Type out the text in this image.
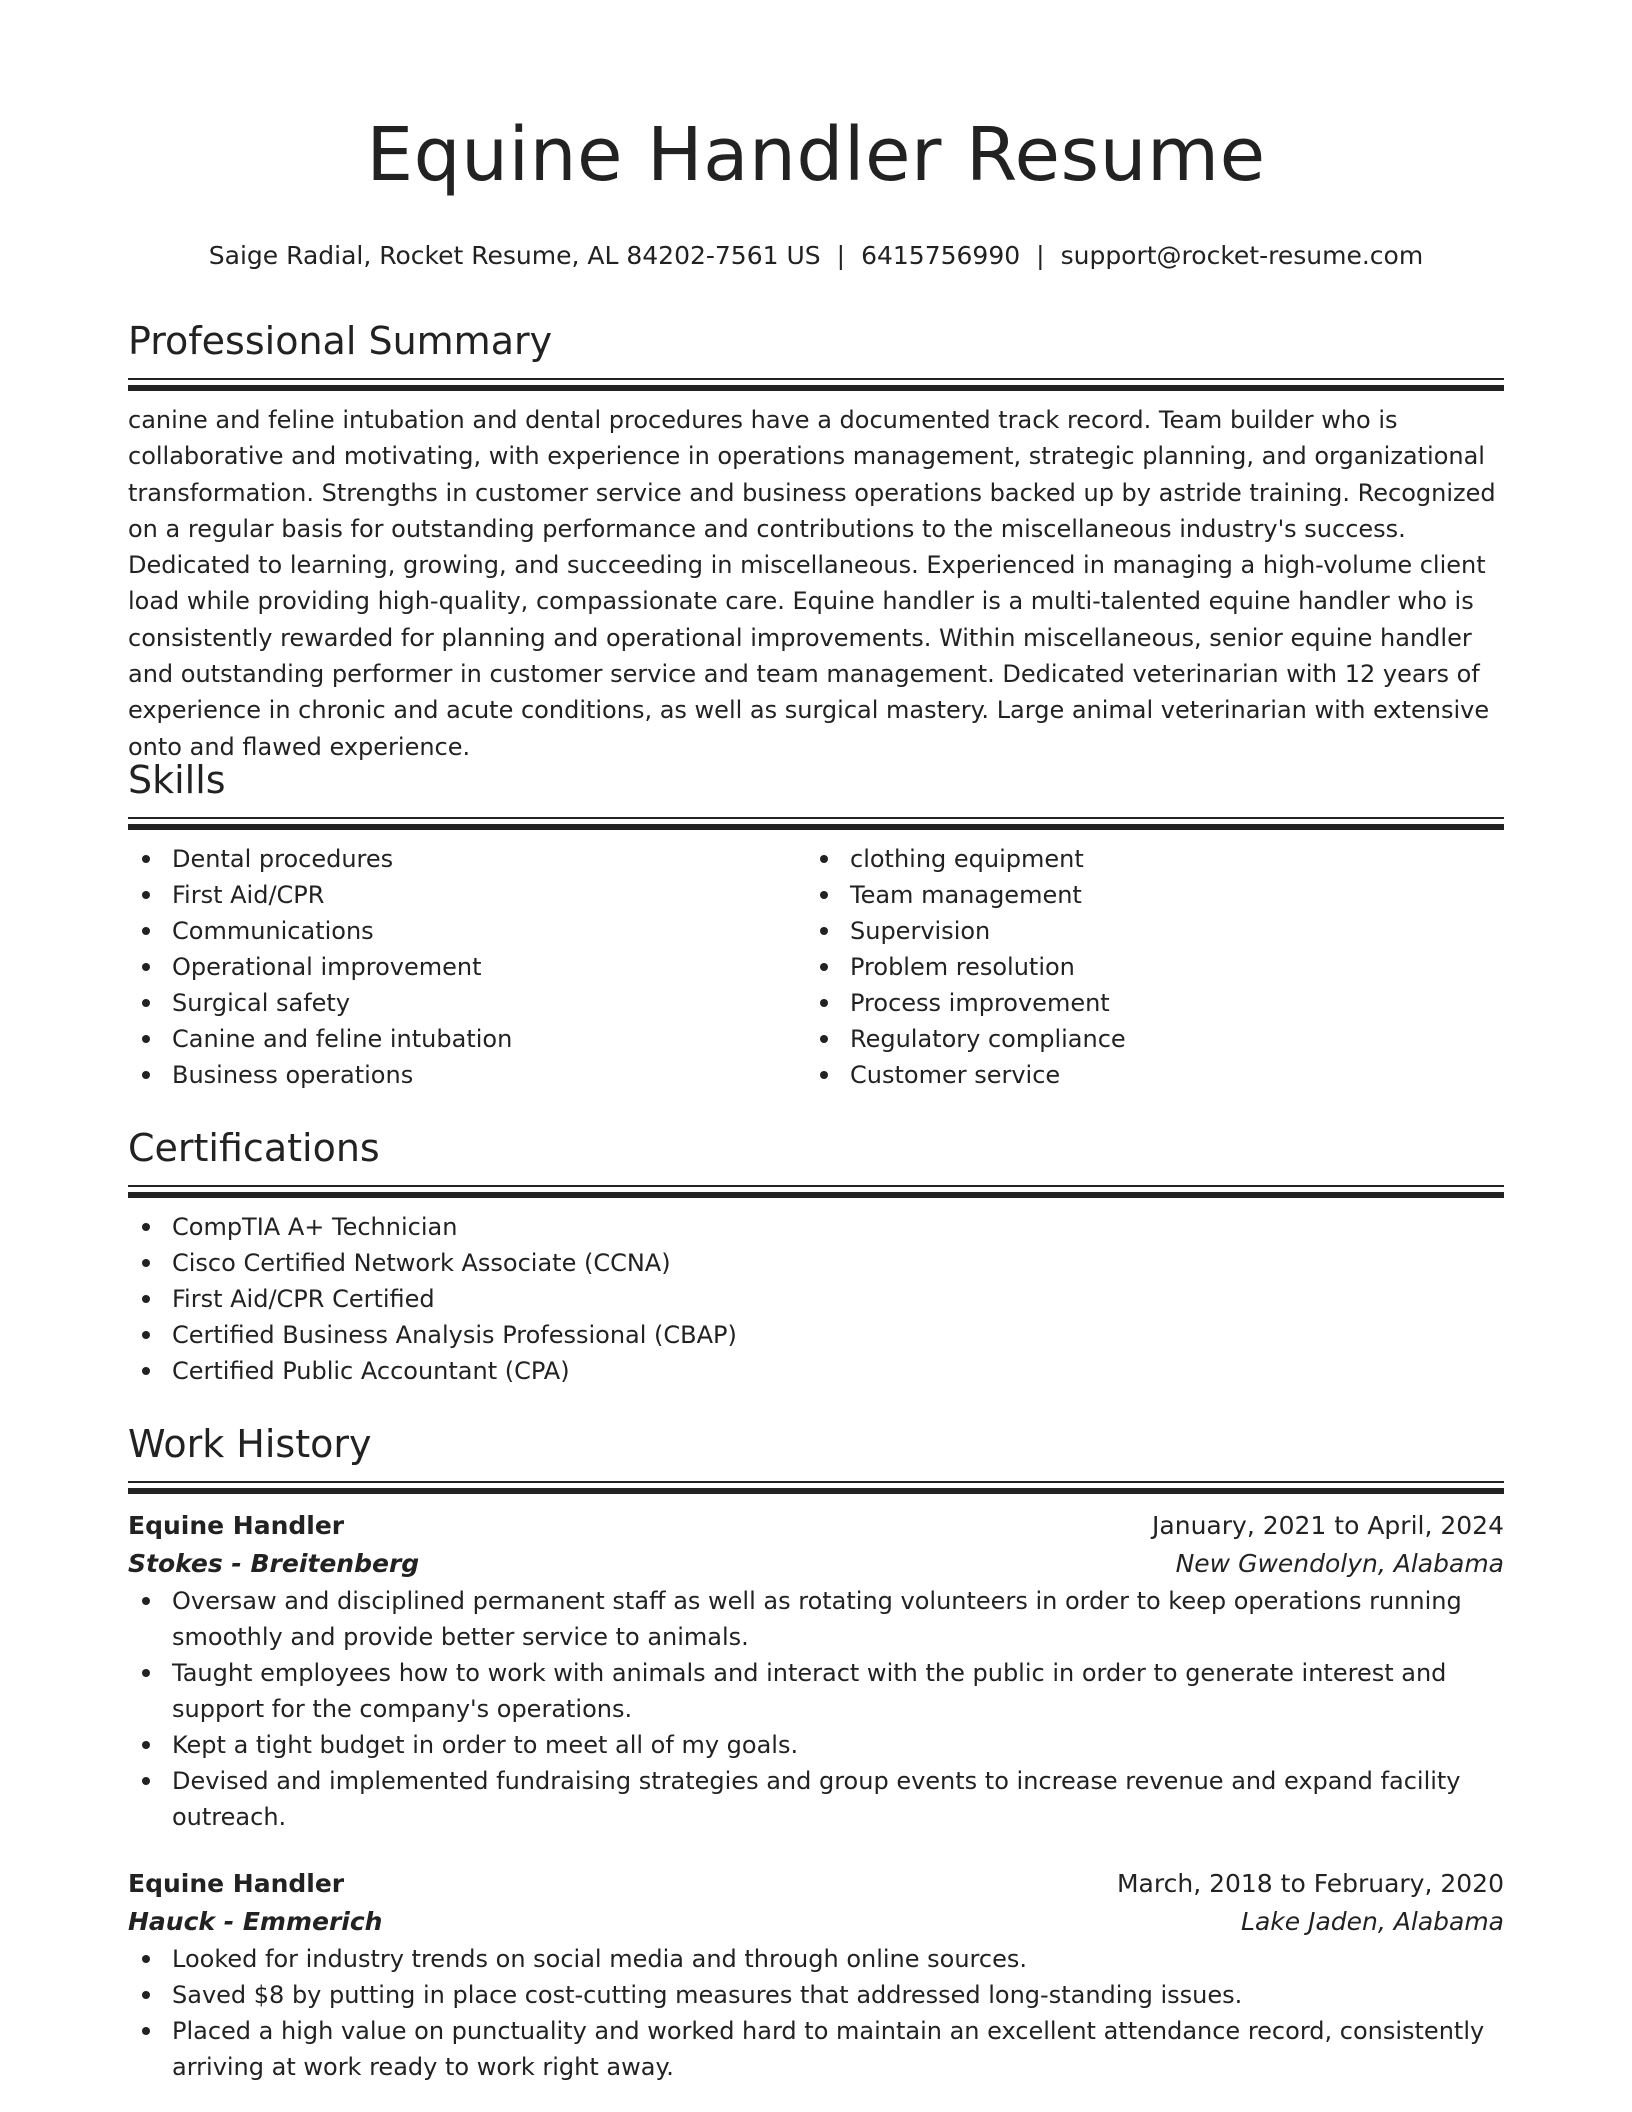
Equine Handler Resume
Saige Radial, Rocket Resume, AL 84202-7561 US | 6415756990 | support@rocket-resume.com
Professional Summary

canine and feline intubation and dental procedures have a documented track record. Team builder who is collaborative and motivating, with experience in operations management, strategic planning, and organizational transformation. Strengths in customer service and business operations backed up by astride training. Recognized on a regular basis for outstanding performance and contributions to the miscellaneous industry's success. Dedicated to learning, growing, and succeeding in miscellaneous. Experienced in managing a high-volume client load while providing high-quality, compassionate care. Equine handler is a multi-talented equine handler who is consistently rewarded for planning and operational improvements. Within miscellaneous, senior equine handler and outstanding performer in customer service and team management. Dedicated veterinarian with 12 years of experience in chronic and acute conditions, as well as surgical mastery. Large animal veterinarian with extensive onto and flawed experience.

Skills
Dental procedures
First Aid/CPR
Communications
Operational improvement
Surgical safety
Canine and feline intubation
Business operations
clothing equipment
Team management
Supervision
Problem resolution
Process improvement
Regulatory compliance
Customer service
Certifications
CompTIA A+ Technician
Cisco Certified Network Associate (CCNA)
First Aid/CPR Certified
Certified Business Analysis Professional (CBAP)
Certified Public Accountant (CPA)
Work History
Equine Handler	January, 2021 to April, 2024
Stokes - Breitenberg	New Gwendolyn, Alabama
Oversaw and disciplined permanent staff as well as rotating volunteers in order to keep operations running smoothly and provide better service to animals.
Taught employees how to work with animals and interact with the public in order to generate interest and support for the company's operations.
Kept a tight budget in order to meet all of my goals.
Devised and implemented fundraising strategies and group events to increase revenue and expand facility outreach.
Equine Handler	March, 2018 to February, 2020
Hauck - Emmerich	Lake Jaden, Alabama
Looked for industry trends on social media and through online sources.
Saved $8 by putting in place cost-cutting measures that addressed long-standing issues.
Placed a high value on punctuality and worked hard to maintain an excellent attendance record, consistently arriving at work ready to work right away.
